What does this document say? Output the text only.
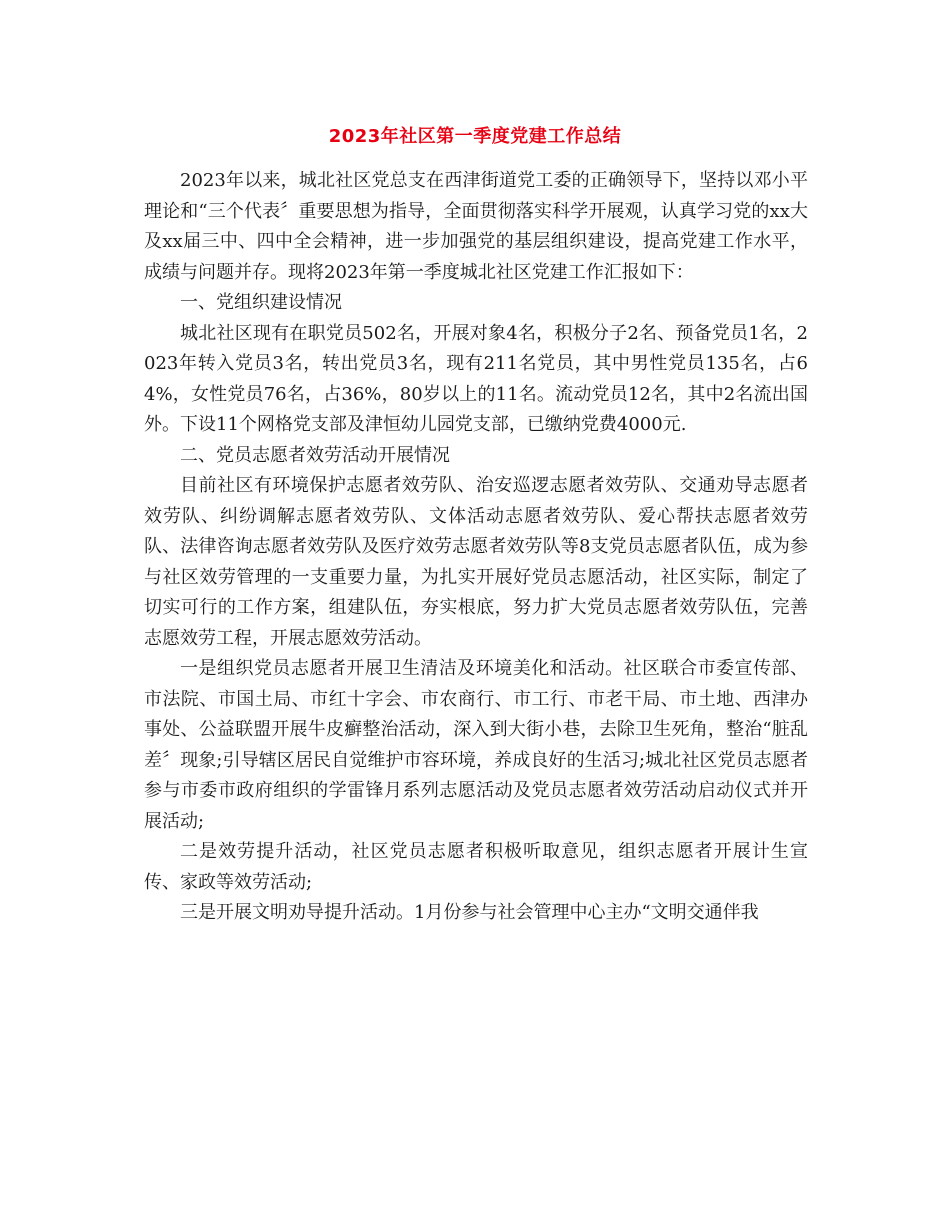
2023年社区第一季度党建工作总结

2023年以来，城北社区党总支在西津街道党工委的正确领导下，坚持以邓小平理论和“三个代表〞重要思想为指导，全面贯彻落实科学开展观，认真学习党的xx大及xx届三中、四中全会精神，进一步加强党的基层组织建设，提高党建工作水平，成绩与问题并存。现将2023年第一季度城北社区党建工作汇报如下：

一、党组织建设情况

城北社区现有在职党员502名，开展对象4名，积极分子2名、预备党员1名，2023年转入党员3名，转出党员3名，现有211名党员，其中男性党员135名，占64%，女性党员76名，占36%，80岁以上的11名。流动党员12名，其中2名流出国外。下设11个网格党支部及津恒幼儿园党支部，已缴纳党费4000元.

二、党员志愿者效劳活动开展情况

目前社区有环境保护志愿者效劳队、治安巡逻志愿者效劳队、交通劝导志愿者效劳队、纠纷调解志愿者效劳队、文体活动志愿者效劳队、爱心帮扶志愿者效劳队、法律咨询志愿者效劳队及医疗效劳志愿者效劳队等8支党员志愿者队伍，成为参与社区效劳管理的一支重要力量，为扎实开展好党员志愿活动，社区实际，制定了切实可行的工作方案，组建队伍，夯实根底，努力扩大党员志愿者效劳队伍，完善志愿效劳工程，开展志愿效劳活动。

一是组织党员志愿者开展卫生清洁及环境美化和活动。社区联合市委宣传部、市法院、市国土局、市红十字会、市农商行、市工行、市老干局、市土地、西津办事处、公益联盟开展牛皮癣整治活动，深入到大街小巷，去除卫生死角，整治“脏乱差〞现象;引导辖区居民自觉维护市容环境，养成良好的生活习;城北社区党员志愿者参与市委市政府组织的学雷锋月系列志愿活动及党员志愿者效劳活动启动仪式并开展活动;

二是效劳提升活动，社区党员志愿者积极听取意见，组织志愿者开展计生宣传、家政等效劳活动;

三是开展文明劝导提升活动。1月份参与社会管理中心主办“文明交通伴我
